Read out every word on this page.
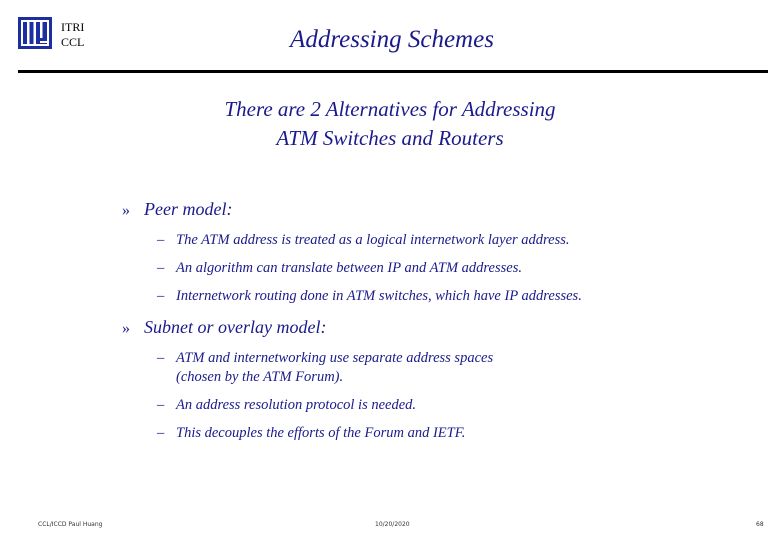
ITRI
CCL	Addressing Schemes
There are 2 Alternatives for Addressing
ATM Switches and Routers
» Peer model:
– The ATM address is treated as a logical internetwork layer address.
– An algorithm can translate between IP and ATM addresses.
– Internetwork routing done in ATM switches, which have IP addresses.
» Subnet or overlay model:
– ATM and internetworking use separate address spaces
(chosen by the ATM Forum).
– An address resolution protocol is needed.
– This decouples the efforts of the Forum and IETF.
CCL/ICCD Paul Huang	10/20/2020	68
